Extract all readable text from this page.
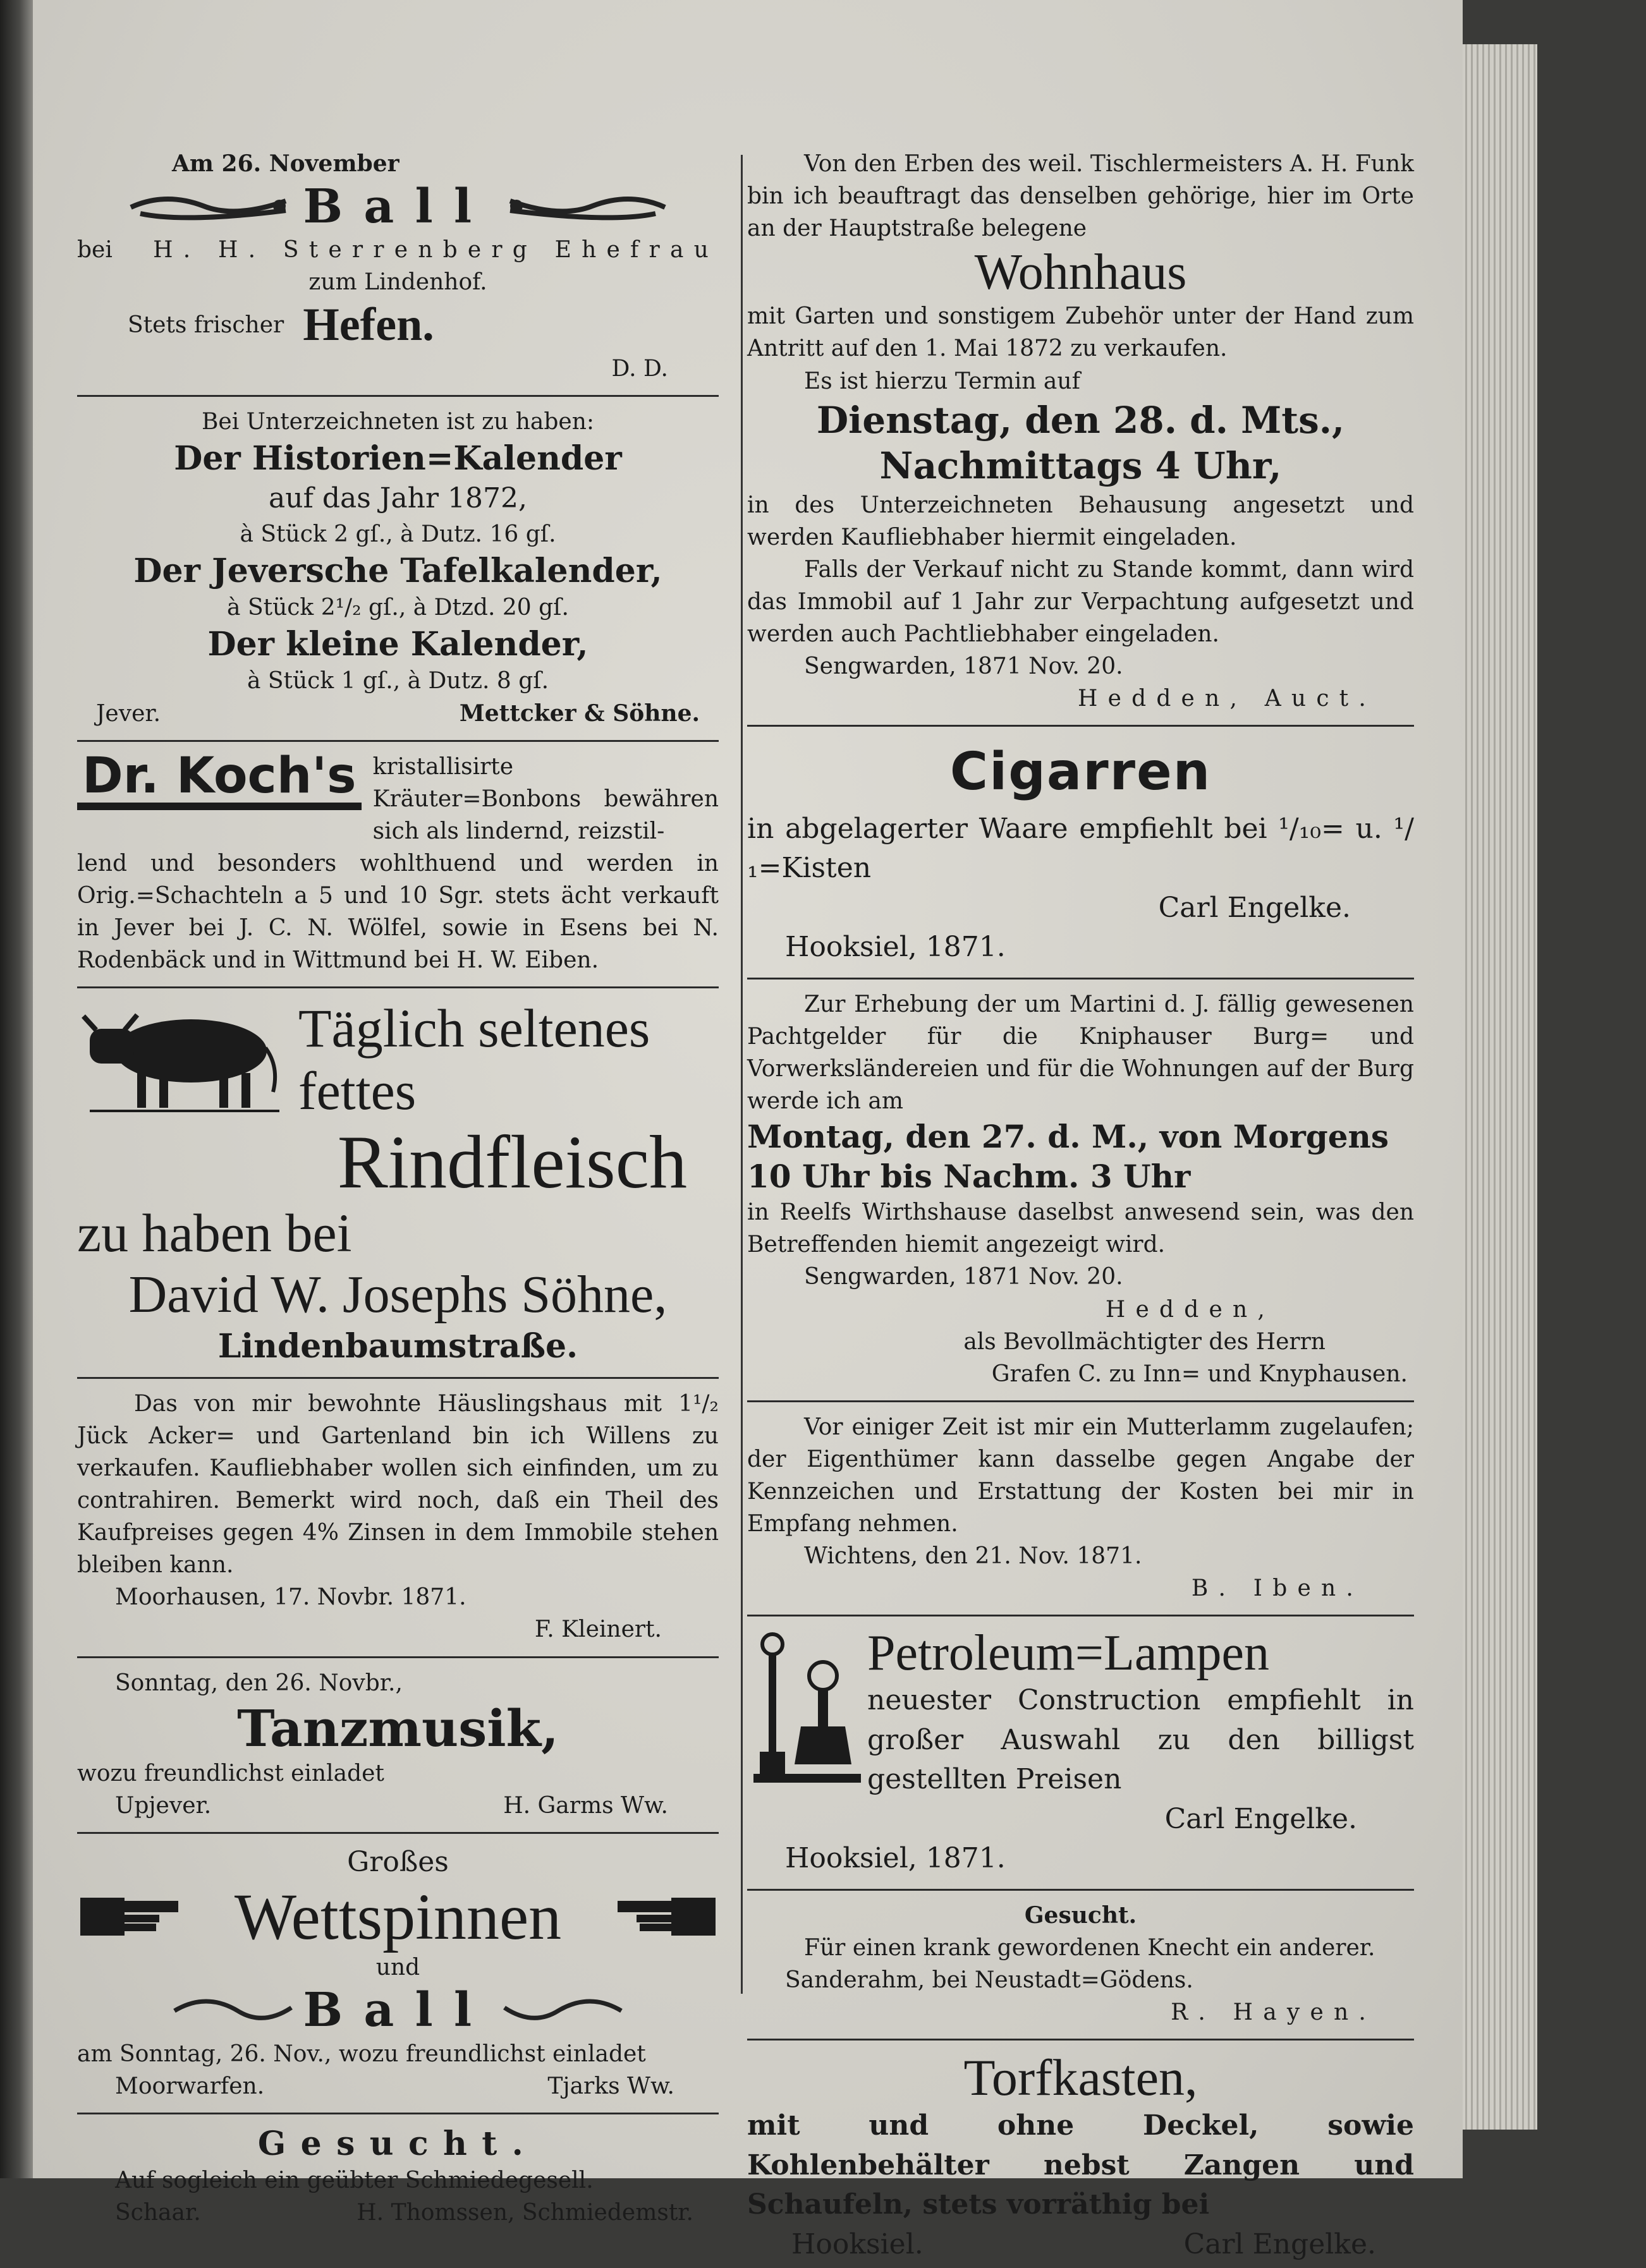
Am 26. November
Ball
bei H. H. Sterrenberg Ehefrau
zum Lindenhof.
Stets frischer Hefen.
D. D.
Bei Unterzeichneten ist zu haben:
Der Historien=Kalender
auf das Jahr 1872,
à Stück 2 gſ., à Dutz. 16 gſ.
Der Jeversche Tafelkalender,
à Stück 2¹/₂ gſ., à Dtzd. 20 gſ.
Der kleine Kalender,
à Stück 1 gſ., à Dutz. 8 gſ.
Jever.	Mettcker & Söhne.
Dr. Koch's kristallisirte Kräuter=Bonbons bewähren sich als lindernd, reizstil-
lend und besonders wohlthuend und werden in Orig.=Schachteln a 5 und 10 Sgr. stets ächt verkauft in Jever bei J. C. N. Wölfel, sowie in Esens bei N. Rodenbäck und in Wittmund bei H. W. Eiben.
Täglich seltenes
fettes
Rindfleisch
zu haben bei
David W. Josephs Söhne,
Lindenbaumstraße.
Das von mir bewohnte Häuslingshaus mit 1¹/₂ Jück Acker= und Gartenland bin ich Willens zu verkaufen. Kaufliebhaber wollen sich einfinden, um zu contrahiren. Bemerkt wird noch, daß ein Theil des Kaufpreises gegen 4% Zinsen in dem Immobile stehen bleiben kann.
Moorhausen, 17. Novbr. 1871.
F. Kleinert.
Sonntag, den 26. Novbr.,
Tanzmusik,
wozu freundlichst einladet
Upjever.	H. Garms Ww.
Großes
Wettspinnen
und
Ball
am Sonntag, 26. Nov., wozu freundlichst einladet
Moorwarfen.	Tjarks Ww.
Gesucht.
Auf sogleich ein geübter Schmiedegesell.
Schaar.	H. Thomssen, Schmiedemstr.
Von den Erben des weil. Tischlermeisters A. H. Funk bin ich beauftragt das denselben gehörige, hier im Orte an der Hauptstraße belegene
Wohnhaus
mit Garten und sonstigem Zubehör unter der Hand zum Antritt auf den 1. Mai 1872 zu verkaufen.
Es ist hierzu Termin auf
Dienstag, den 28. d. Mts.,
Nachmittags 4 Uhr,
in des Unterzeichneten Behausung angesetzt und werden Kaufliebhaber hiermit eingeladen.
Falls der Verkauf nicht zu Stande kommt, dann wird das Immobil auf 1 Jahr zur Verpachtung aufgesetzt und werden auch Pachtliebhaber eingeladen.
Sengwarden, 1871 Nov. 20.
Hedden, Auct.
Cigarren
in abgelagerter Waare empfiehlt bei ¹/₁₀= u. ¹/₁=Kisten
Carl Engelke.
Hooksiel, 1871.
Zur Erhebung der um Martini d. J. fällig gewesenen Pachtgelder für die Kniphauser Burg= und Vorwerksländereien und für die Wohnungen auf der Burg werde ich am
Montag, den 27. d. M., von Morgens 10 Uhr bis Nachm. 3 Uhr
in Reelfs Wirthshause daselbst anwesend sein, was den Betreffenden hiemit angezeigt wird.
Sengwarden, 1871 Nov. 20.
Hedden,
als Bevollmächtigter des Herrn
Grafen C. zu Inn= und Knyphausen.
Vor einiger Zeit ist mir ein Mutterlamm zugelaufen; der Eigenthümer kann dasselbe gegen Angabe der Kennzeichen und Erstattung der Kosten bei mir in Empfang nehmen.
Wichtens, den 21. Nov. 1871.
B. Iben.
Petroleum=Lampen
neuester Construction empfiehlt in großer Auswahl zu den billigst gestellten Preisen
Carl Engelke.
Hooksiel, 1871.
Gesucht.
Für einen krank gewordenen Knecht ein anderer.
Sanderahm, bei Neustadt=Gödens.
R. Hayen.
Torfkasten,
mit und ohne Deckel, sowie Kohlenbehälter nebst Zangen und Schaufeln, stets vorräthig bei
Hooksiel.	Carl Engelke.
